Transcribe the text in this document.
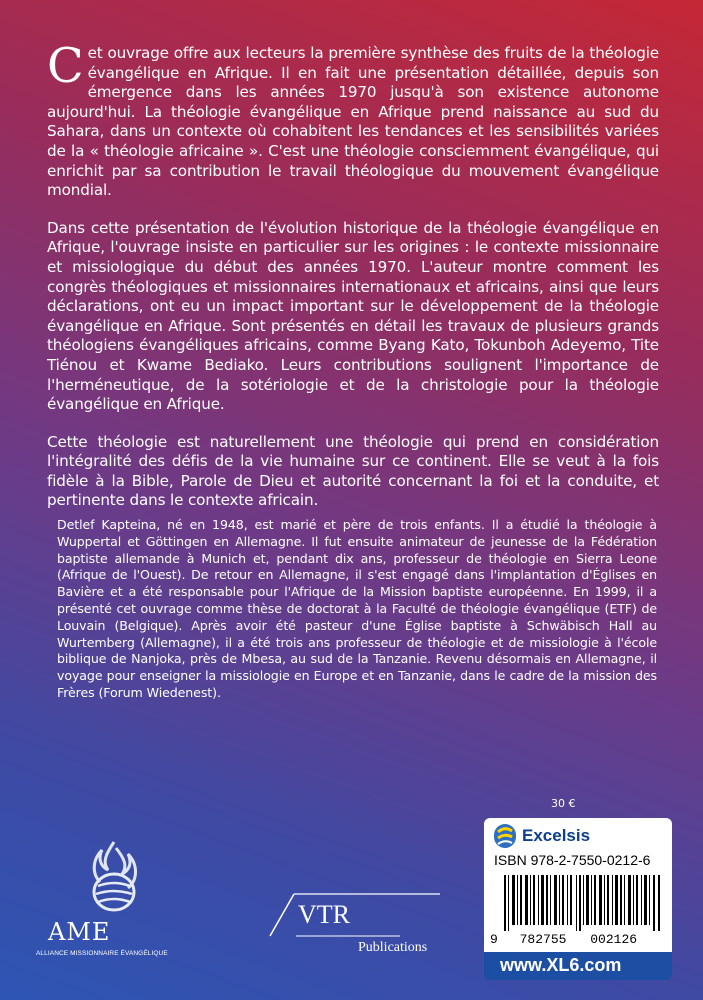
Cet ouvrage offre aux lecteurs la première synthèse des fruits de la théologie évangélique en Afrique. Il en fait une présentation détaillée, depuis son émergence dans les années 1970 jusqu'à son existence autonome aujourd'hui. La théologie évangélique en Afrique prend naissance au sud du Sahara, dans un contexte où cohabitent les tendances et les sensibilités variées de la « théologie africaine ». C'est une théologie consciemment évangélique, qui enrichit par sa contribution le travail théologique du mouvement évangélique mondial.

Dans cette présentation de l'évolution historique de la théologie évangélique en Afrique, l'ouvrage insiste en particulier sur les origines : le contexte missionnaire et missiologique du début des années 1970. L'auteur montre comment les congrès théologiques et missionnaires internationaux et africains, ainsi que leurs déclarations, ont eu un impact important sur le développement de la théologie évangélique en Afrique. Sont présentés en détail les travaux de plusieurs grands théologiens évangéliques africains, comme Byang Kato, Tokunboh Adeyemo, Tite Tiénou et Kwame Bediako. Leurs contributions soulignent l'importance de l'herméneutique, de la sotériologie et de la christologie pour la théologie évangélique en Afrique.

Cette théologie est naturellement une théologie qui prend en considération l'intégralité des défis de la vie humaine sur ce continent. Elle se veut à la fois fidèle à la Bible, Parole de Dieu et autorité concernant la foi et la conduite, et pertinente dans le contexte africain.

Detlef Kapteina, né en 1948, est marié et père de trois enfants. Il a étudié la théologie à Wuppertal et Göttingen en Allemagne. Il fut ensuite animateur de jeunesse de la Fédération baptiste allemande à Munich et, pendant dix ans, professeur de théologie en Sierra Leone (Afrique de l'Ouest). De retour en Allemagne, il s'est engagé dans l'implantation d'Églises en Bavière et a été responsable pour l'Afrique de la Mission baptiste européenne. En 1999, il a présenté cet ouvrage comme thèse de doctorat à la Faculté de théologie évangélique (ETF) de Louvain (Belgique). Après avoir été pasteur d'une Église baptiste à Schwäbisch Hall au Wurtemberg (Allemagne), il a été trois ans professeur de théologie et de missiologie à l'école biblique de Nanjoka, près de Mbesa, au sud de la Tanzanie. Revenu désormais en Allemagne, il voyage pour enseigner la missiologie en Europe et en Tanzanie, dans le cadre de la mission des Frères (Forum Wiedenest).

30 €
Excelsis
ISBN 978-2-7550-0212-6
9 782755 002126
www.XL6.com
AME
ALLIANCE MISSIONNAIRE ÉVANGÉLIQUE
VTR
Publications
